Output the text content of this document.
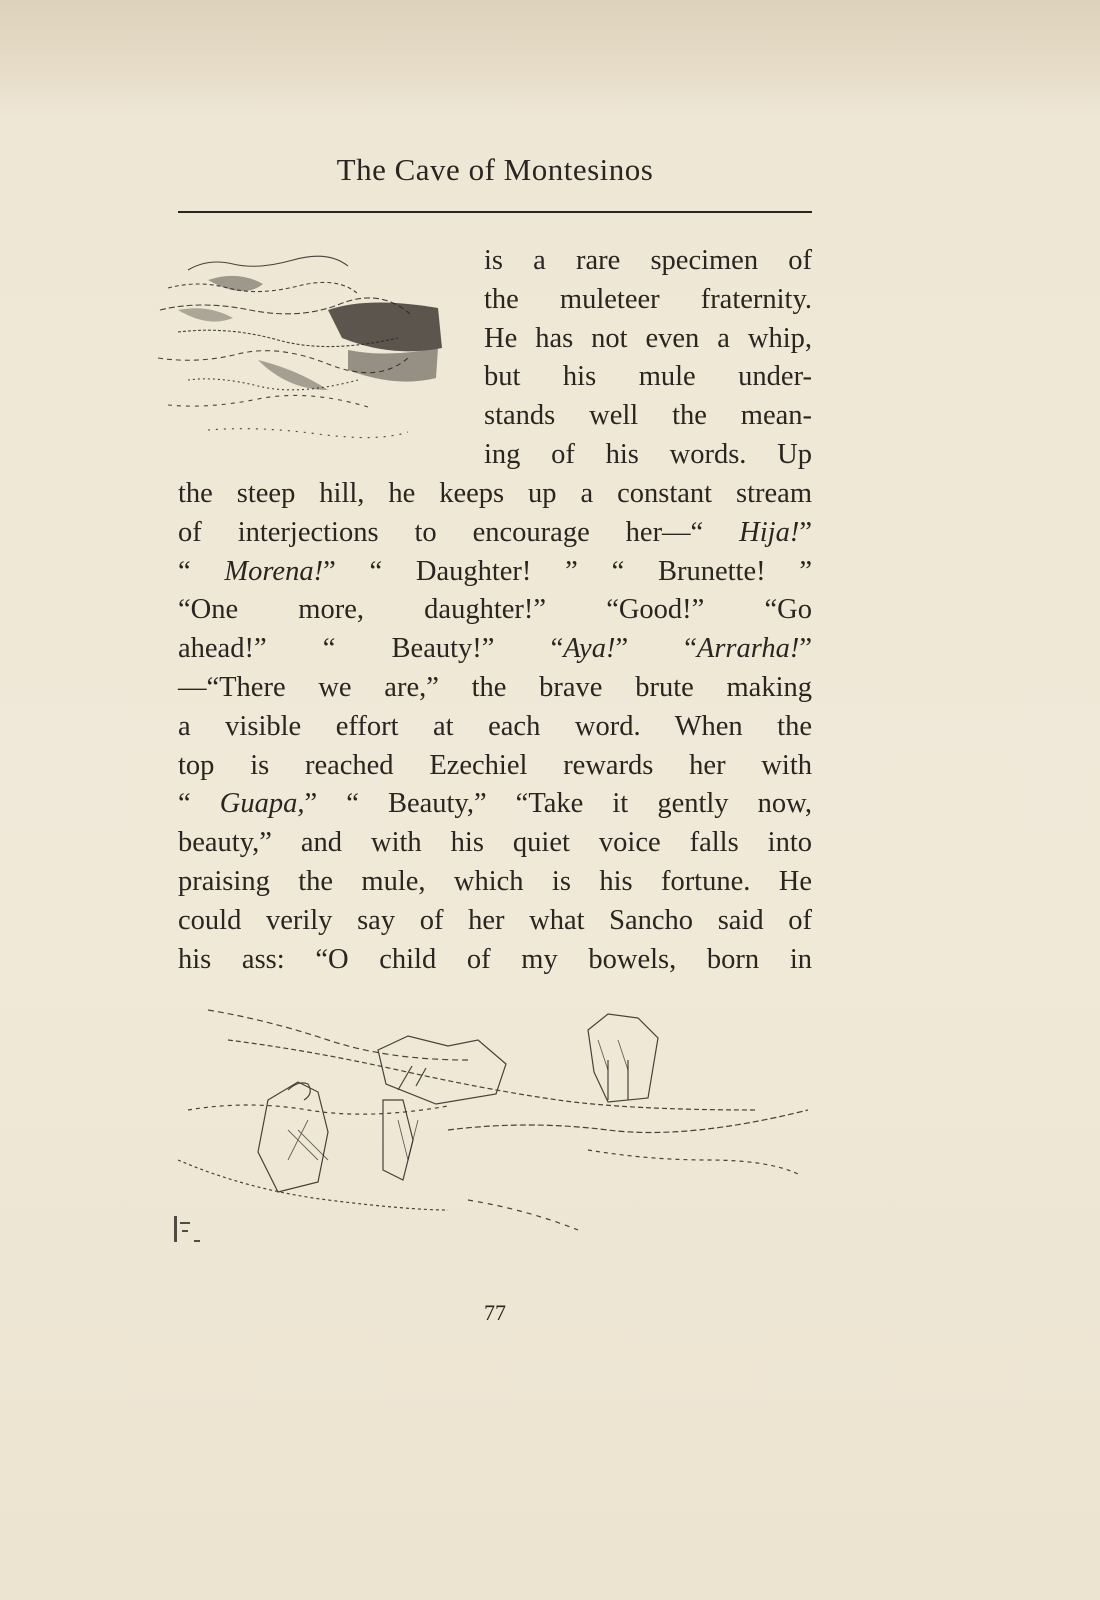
The Cave of Montesinos
is a rare specimen of
the muleteer fraternity.
He has not even a whip,
but his mule under-
stands well the mean-
ing of his words. Up
the steep hill, he keeps up a constant stream
of interjections to encourage her—“ Hija!”
“ Morena!” “ Daughter! ” “ Brunette! ”
“One more, daughter!” “Good!” “Go
ahead!” “ Beauty!” “Aya!” “Arrarha!”
—“There we are,” the brave brute making
a visible effort at each word. When the
top is reached Ezechiel rewards her with
“ Guapa,” “ Beauty,” “Take it gently now,
beauty,” and with his quiet voice falls into
praising the mule, which is his fortune. He
could verily say of her what Sancho said of
his ass: “O child of my bowels, born in
77
